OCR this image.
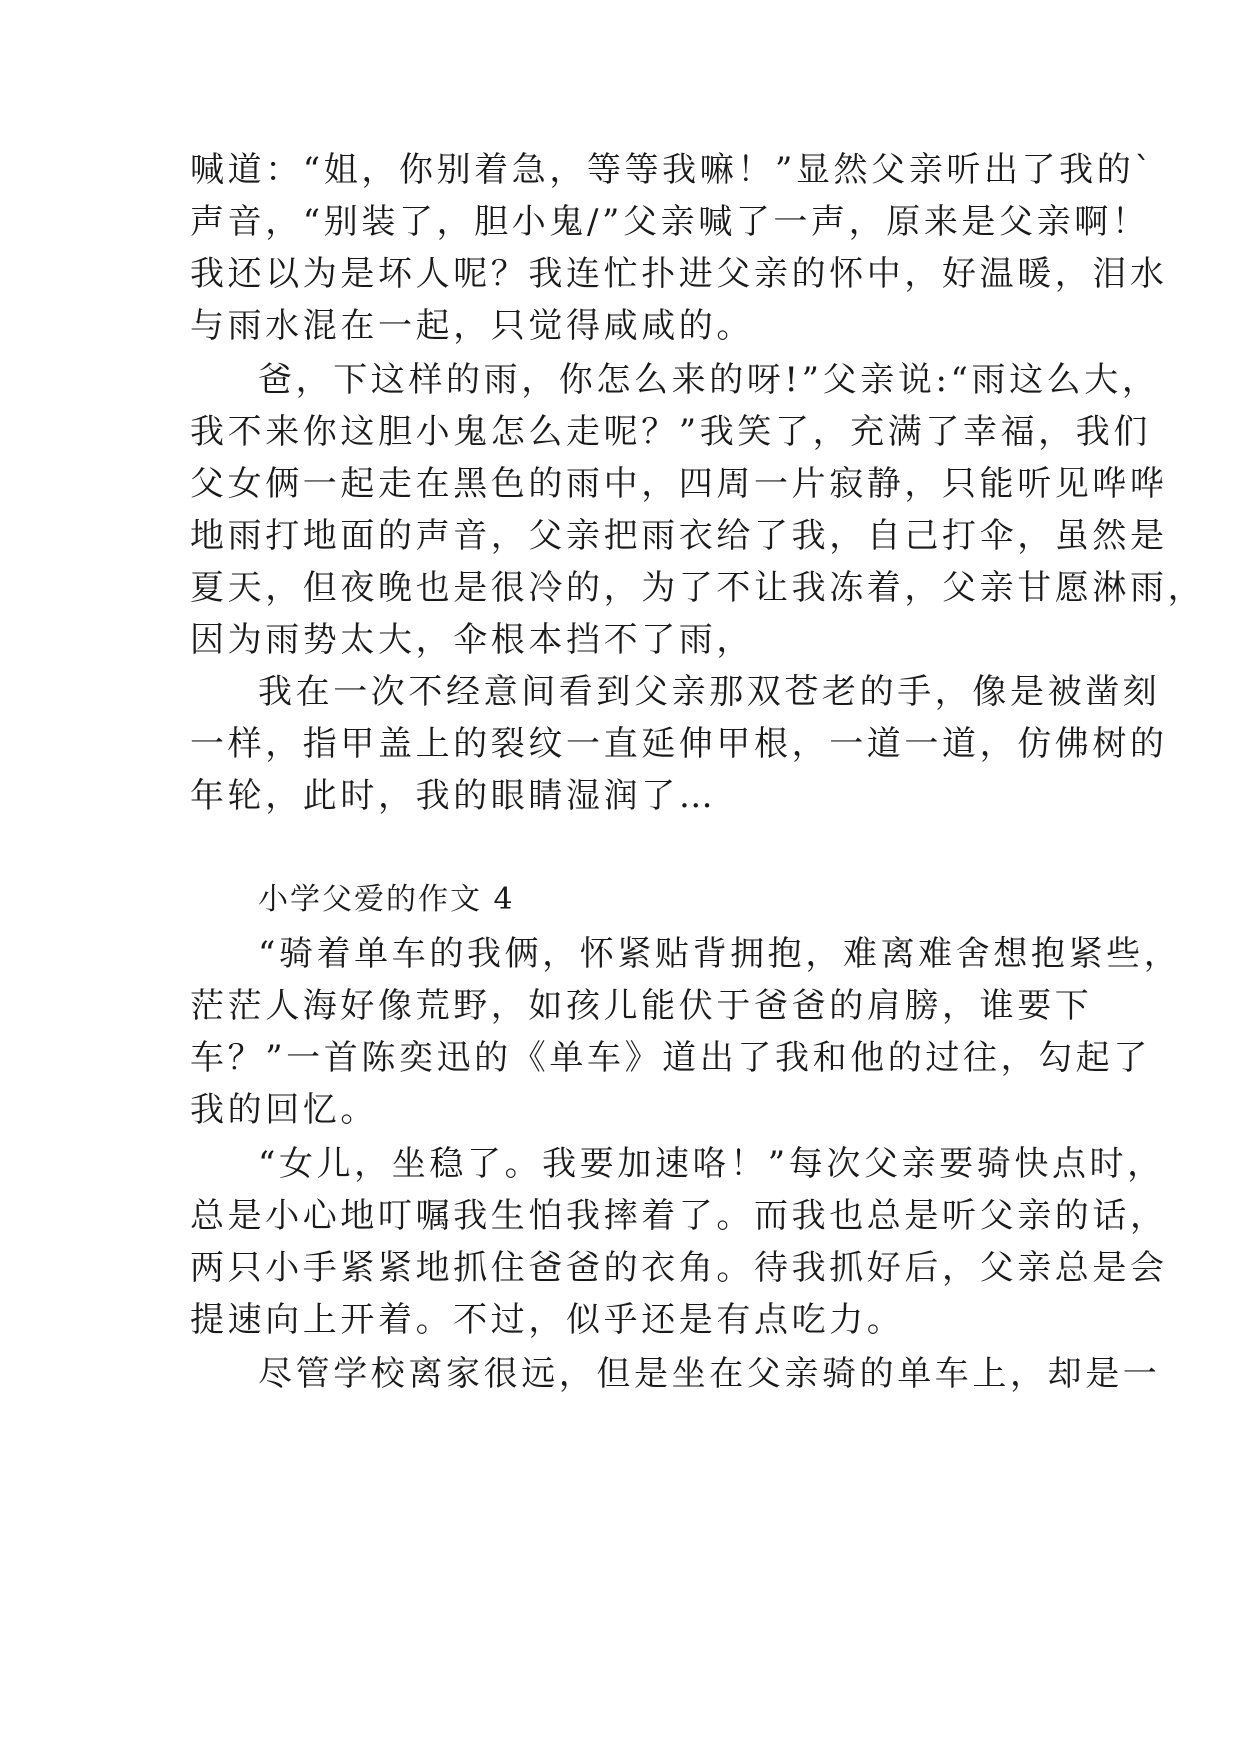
喊道：“姐，你别着急，等等我嘛！”显然父亲听出了我的`
声音，“别装了，胆小鬼/”父亲喊了一声，原来是父亲啊！
我还以为是坏人呢？我连忙扑进父亲的怀中，好温暖，泪水
与雨水混在一起，只觉得咸咸的。
爸，下这样的雨，你怎么来的呀!”父亲说:“雨这么大，
我不来你这胆小鬼怎么走呢？”我笑了，充满了幸福，我们
父女俩一起走在黑色的雨中，四周一片寂静，只能听见哗哗
地雨打地面的声音，父亲把雨衣给了我，自己打伞，虽然是
夏天，但夜晚也是很冷的，为了不让我冻着，父亲甘愿淋雨，
因为雨势太大，伞根本挡不了雨，
我在一次不经意间看到父亲那双苍老的手，像是被凿刻
一样，指甲盖上的裂纹一直延伸甲根，一道一道，仿佛树的
年轮，此时，我的眼睛湿润了…
小学父爱的作文 4
“骑着单车的我俩，怀紧贴背拥抱，难离难舍想抱紧些，
茫茫人海好像荒野，如孩儿能伏于爸爸的肩膀，谁要下
车？”一首陈奕迅的《单车》道出了我和他的过往，勾起了
我的回忆。
“女儿，坐稳了。我要加速咯！”每次父亲要骑快点时，
总是小心地叮嘱我生怕我摔着了。而我也总是听父亲的话，
两只小手紧紧地抓住爸爸的衣角。待我抓好后，父亲总是会
提速向上开着。不过，似乎还是有点吃力。
尽管学校离家很远，但是坐在父亲骑的单车上，却是一
